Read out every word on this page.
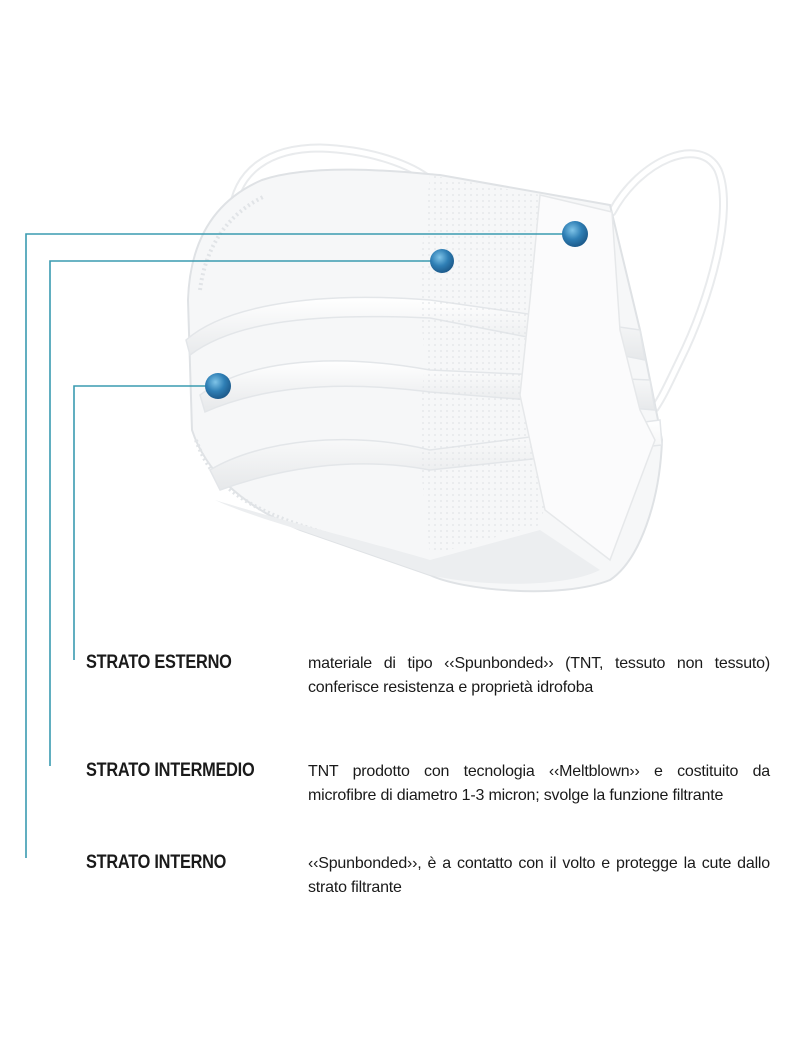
STRATO ESTERNO	materiale di tipo ‹‹Spunbonded›› (TNT, tessuto non tessuto) conferisce resistenza e proprietà idrofoba
STRATO INTERMEDIO	TNT prodotto con tecnologia ‹‹Meltblown›› e costituito da microfibre di diametro 1-3 micron; svolge la funzione filtrante
STRATO INTERNO	‹‹Spunbonded››, è a contatto con il volto e protegge la cute dallo strato filtrante
